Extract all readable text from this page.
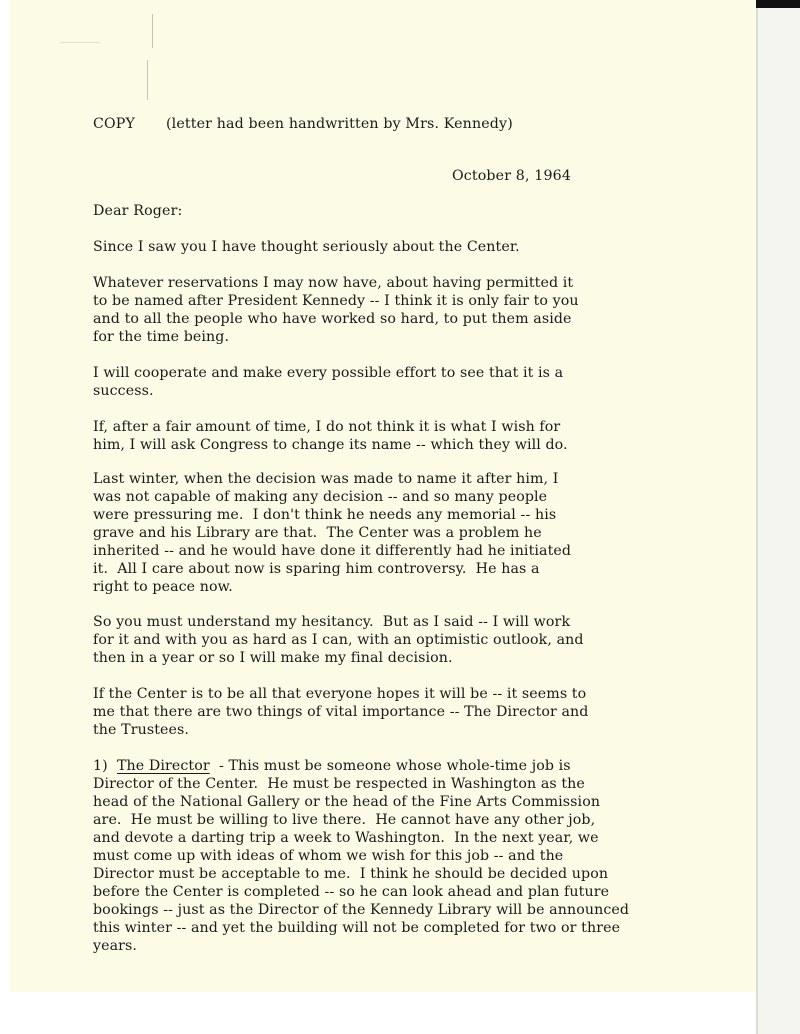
COPY (letter had been handwritten by Mrs. Kennedy)
October 8, 1964
Dear Roger:
Since I saw you I have thought seriously about the Center.
Whatever reservations I may now have, about having permitted it
to be named after President Kennedy -- I think it is only fair to you
and to all the people who have worked so hard, to put them aside
for the time being.
I will cooperate and make every possible effort to see that it is a
success.
If, after a fair amount of time, I do not think it is what I wish for
him, I will ask Congress to change its name -- which they will do.
Last winter, when the decision was made to name it after him, I
was not capable of making any decision -- and so many people
were pressuring me.  I don't think he needs any memorial -- his
grave and his Library are that.  The Center was a problem he
inherited -- and he would have done it differently had he initiated
it.  All I care about now is sparing him controversy.  He has a
right to peace now.
So you must understand my hesitancy.  But as I said -- I will work
for it and with you as hard as I can, with an optimistic outlook, and
then in a year or so I will make my final decision.
If the Center is to be all that everyone hopes it will be -- it seems to
me that there are two things of vital importance -- The Director and
the Trustees.
1)  The Director  - This must be someone whose whole-time job is
Director of the Center.  He must be respected in Washington as the
head of the National Gallery or the head of the Fine Arts Commission
are.  He must be willing to live there.  He cannot have any other job,
and devote a darting trip a week to Washington.  In the next year, we
must come up with ideas of whom we wish for this job -- and the
Director must be acceptable to me.  I think he should be decided upon
before the Center is completed -- so he can look ahead and plan future
bookings -- just as the Director of the Kennedy Library will be announced
this winter -- and yet the building will not be completed for two or three
years.
